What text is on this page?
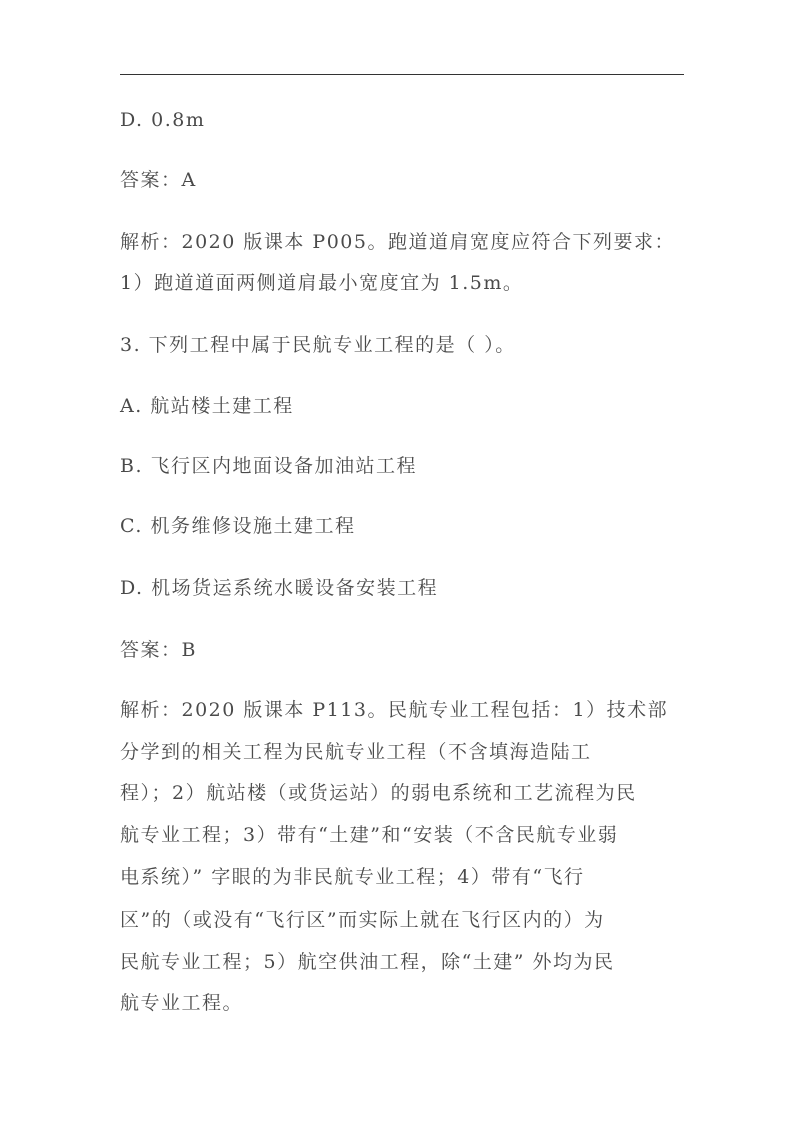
D. 0.8m
答案：A
解析：2020 版课本 P005。跑道道肩宽度应符合下列要求：
1）跑道道面两侧道肩最小宽度宜为 1.5m。
3. 下列工程中属于民航专业工程的是（ ）。
A. 航站楼土建工程
B. 飞行区内地面设备加油站工程
C. 机务维修设施土建工程
D. 机场货运系统水暖设备安装工程
答案：B
解析：2020 版课本 P113。民航专业工程包括：1）技术部
分学到的相关工程为民航专业工程（不含填海造陆工
程）；2）航站楼（或货运站）的弱电系统和工艺流程为民
航专业工程；3）带有“土建”和“安装（不含民航专业弱
电系统）” 字眼的为非民航专业工程；4）带有“飞行
区”的（或没有“飞行区”而实际上就在飞行区内的）为
民航专业工程；5）航空供油工程，除“土建” 外均为民
航专业工程。
